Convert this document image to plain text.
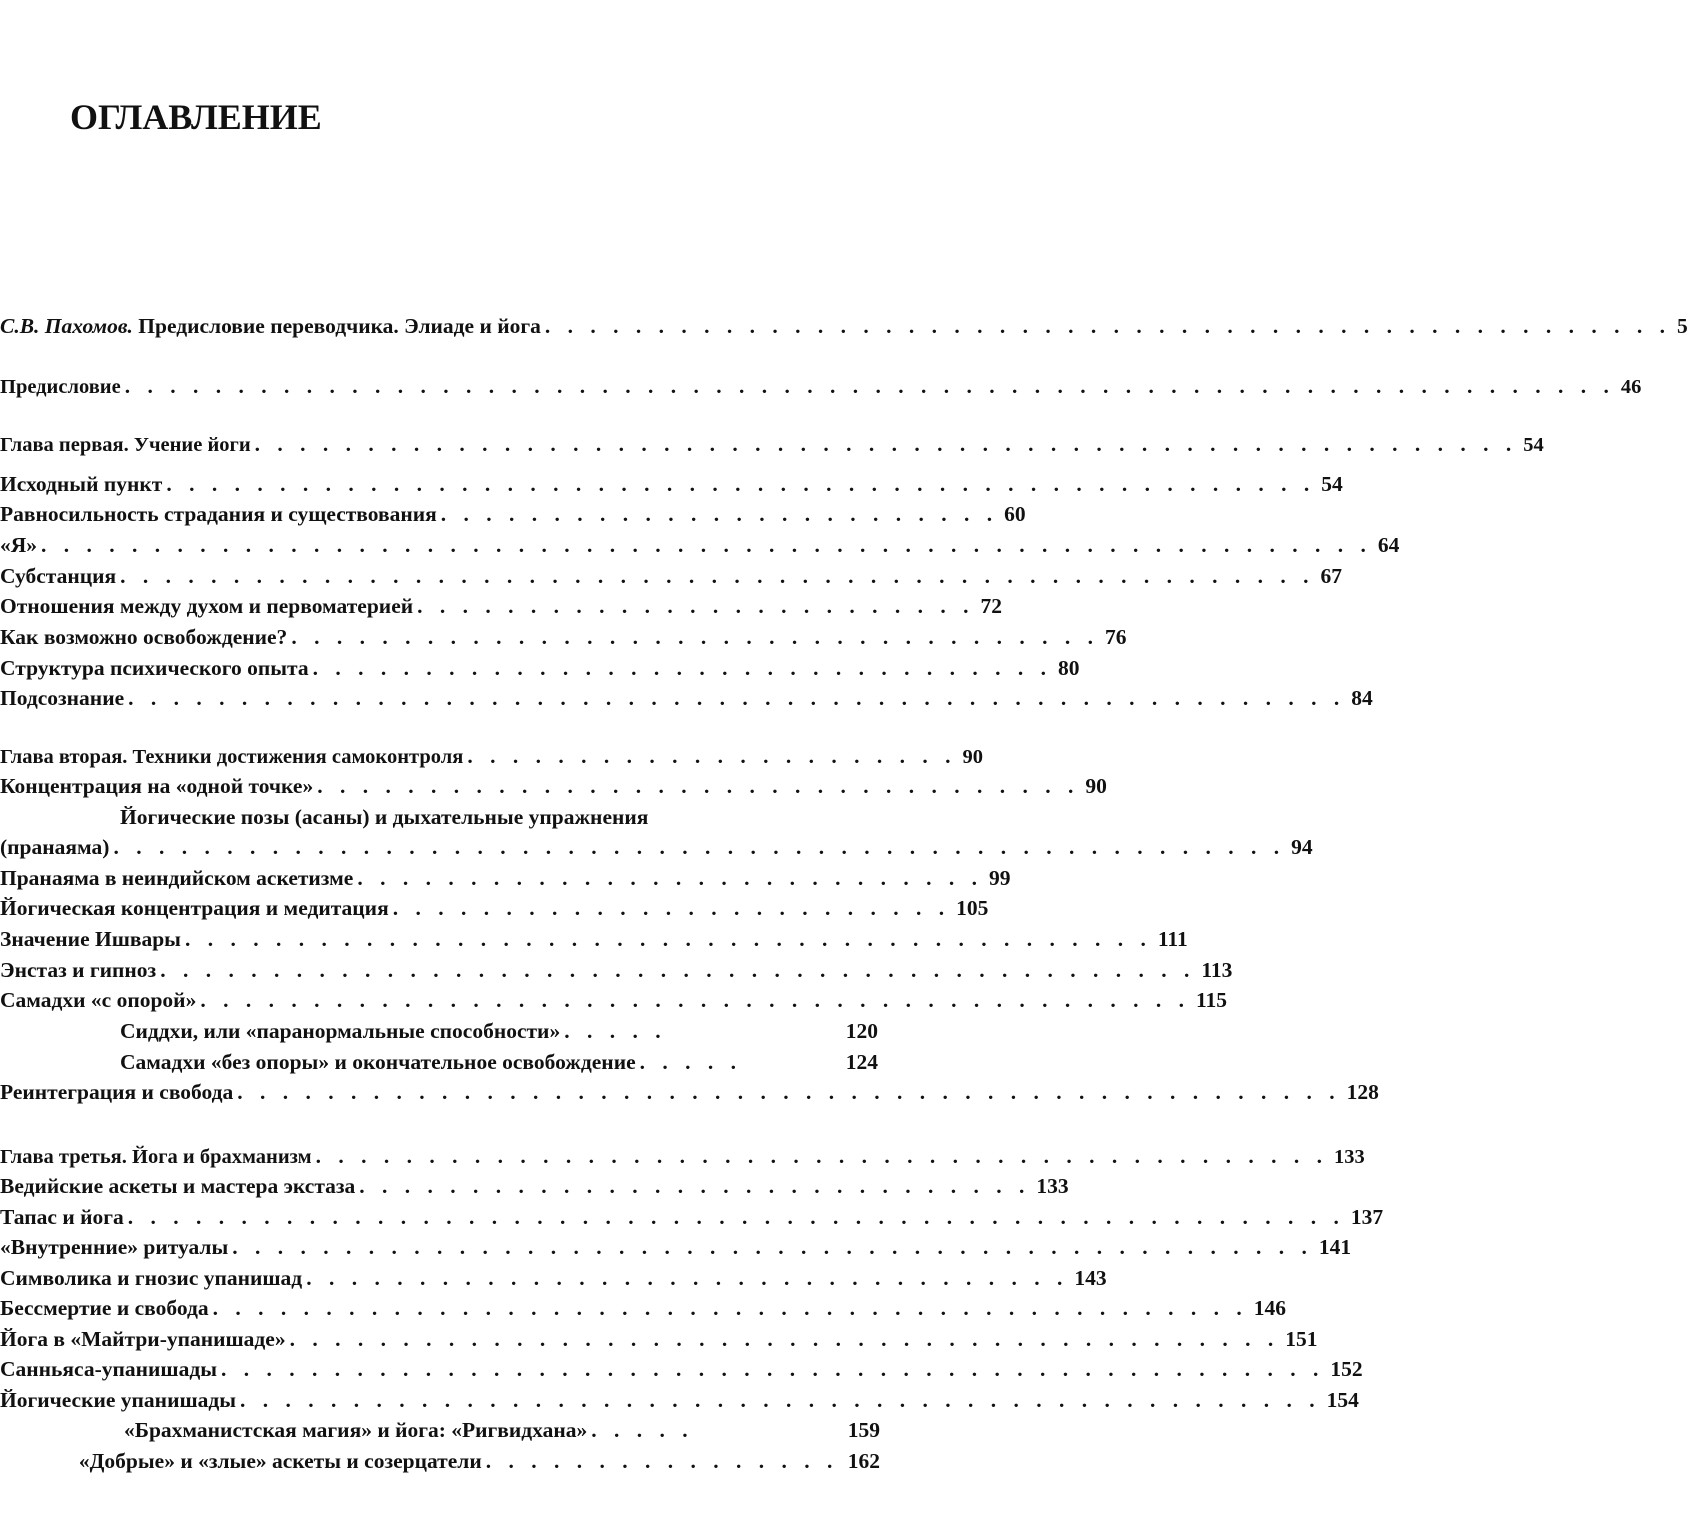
ОГЛАВЛЕНИЕ
С.В. Пахомов. Предисловие переводчика. Элиаде и йога . . . . . . . . . . . . . . . . . . . . . . . . . . . . . . . . . . . . . . . . . . . . . . . . . . 5
Предисловие . . . . . . . . . . . . . . . . . . . . . . . . . . . . . . . . . . . . . . . . . . . . . . . . . . . . . . . . . . . . . . . . . . 46
Глава первая. Учение йоги . . . . . . . . . . . . . . . . . . . . . . . . . . . . . . . . . . . . . . . . . . . . . . . . . . . . . . . . 54
Исходный пункт . . . . . . . . . . . . . . . . . . . . . . . . . . . . . . . . . . . . . . . . . . . . . . . . . . . 54
Равносильность страдания и существования . . . . . . . . . . . . . . . . . . . . . . . . . 60
«Я» . . . . . . . . . . . . . . . . . . . . . . . . . . . . . . . . . . . . . . . . . . . . . . . . . . . . . . . . . . . 64
Субстанция . . . . . . . . . . . . . . . . . . . . . . . . . . . . . . . . . . . . . . . . . . . . . . . . . . . . . 67
Отношения между духом и первоматерией . . . . . . . . . . . . . . . . . . . . . . . . . 72
Как возможно освобождение? . . . . . . . . . . . . . . . . . . . . . . . . . . . . . . . . . . . . 76
Структура психического опыта . . . . . . . . . . . . . . . . . . . . . . . . . . . . . . . . . 80
Подсознание . . . . . . . . . . . . . . . . . . . . . . . . . . . . . . . . . . . . . . . . . . . . . . . . . . . . . . 84
Глава вторая. Техники достижения самоконтроля . . . . . . . . . . . . . . . . . . . . . . 90
Концентрация на «одной точке» . . . . . . . . . . . . . . . . . . . . . . . . . . . . . . . . . . 90
Йогические позы (асаны) и дыхательные упражнения
(пранаяма) . . . . . . . . . . . . . . . . . . . . . . . . . . . . . . . . . . . . . . . . . . . . . . . . . . . . 94
Пранаяма в неиндийском аскетизме . . . . . . . . . . . . . . . . . . . . . . . . . . . . 99
Йогическая концентрация и медитация . . . . . . . . . . . . . . . . . . . . . . . . . 105
Значение Ишвары . . . . . . . . . . . . . . . . . . . . . . . . . . . . . . . . . . . . . . . . . . . 111
Энстаз и гипноз . . . . . . . . . . . . . . . . . . . . . . . . . . . . . . . . . . . . . . . . . . . . . . 113
Самадхи «с опорой» . . . . . . . . . . . . . . . . . . . . . . . . . . . . . . . . . . . . . . . . . . . . 115
Сиддхи, или «паранормальные способности» . . . . .	120
Самадхи «без опоры» и окончательное освобождение . . . . .	124
Реинтеграция и свобода . . . . . . . . . . . . . . . . . . . . . . . . . . . . . . . . . . . . . . . . . . . . . . . . . 128
Глава третья. Йога и брахманизм . . . . . . . . . . . . . . . . . . . . . . . . . . . . . . . . . . . . . . . . . . . . . 133
Ведийские аскеты и мастера экстаза . . . . . . . . . . . . . . . . . . . . . . . . . . . . . . 133
Тапас и йога . . . . . . . . . . . . . . . . . . . . . . . . . . . . . . . . . . . . . . . . . . . . . . . . . . . . . . 137
«Внутренние» ритуалы . . . . . . . . . . . . . . . . . . . . . . . . . . . . . . . . . . . . . . . . . . . . . . . . 141
Символика и гнозис упанишад . . . . . . . . . . . . . . . . . . . . . . . . . . . . . . . . . . 143
Бессмертие и свобода . . . . . . . . . . . . . . . . . . . . . . . . . . . . . . . . . . . . . . . . . . . . . . 146
Йога в «Майтри-упанишаде» . . . . . . . . . . . . . . . . . . . . . . . . . . . . . . . . . . . . . . . . . . . . 151
Санньяса-упанишады . . . . . . . . . . . . . . . . . . . . . . . . . . . . . . . . . . . . . . . . . . . . . . . . . 152
Йогические упанишады . . . . . . . . . . . . . . . . . . . . . . . . . . . . . . . . . . . . . . . . . . . . . . . . 154
«Брахманистская магия» и йога: «Ригвидхана» . . . . .	159
«Добрые» и «злые» аскеты и созерцатели . . . . . . . . . . . . . . . . 162
